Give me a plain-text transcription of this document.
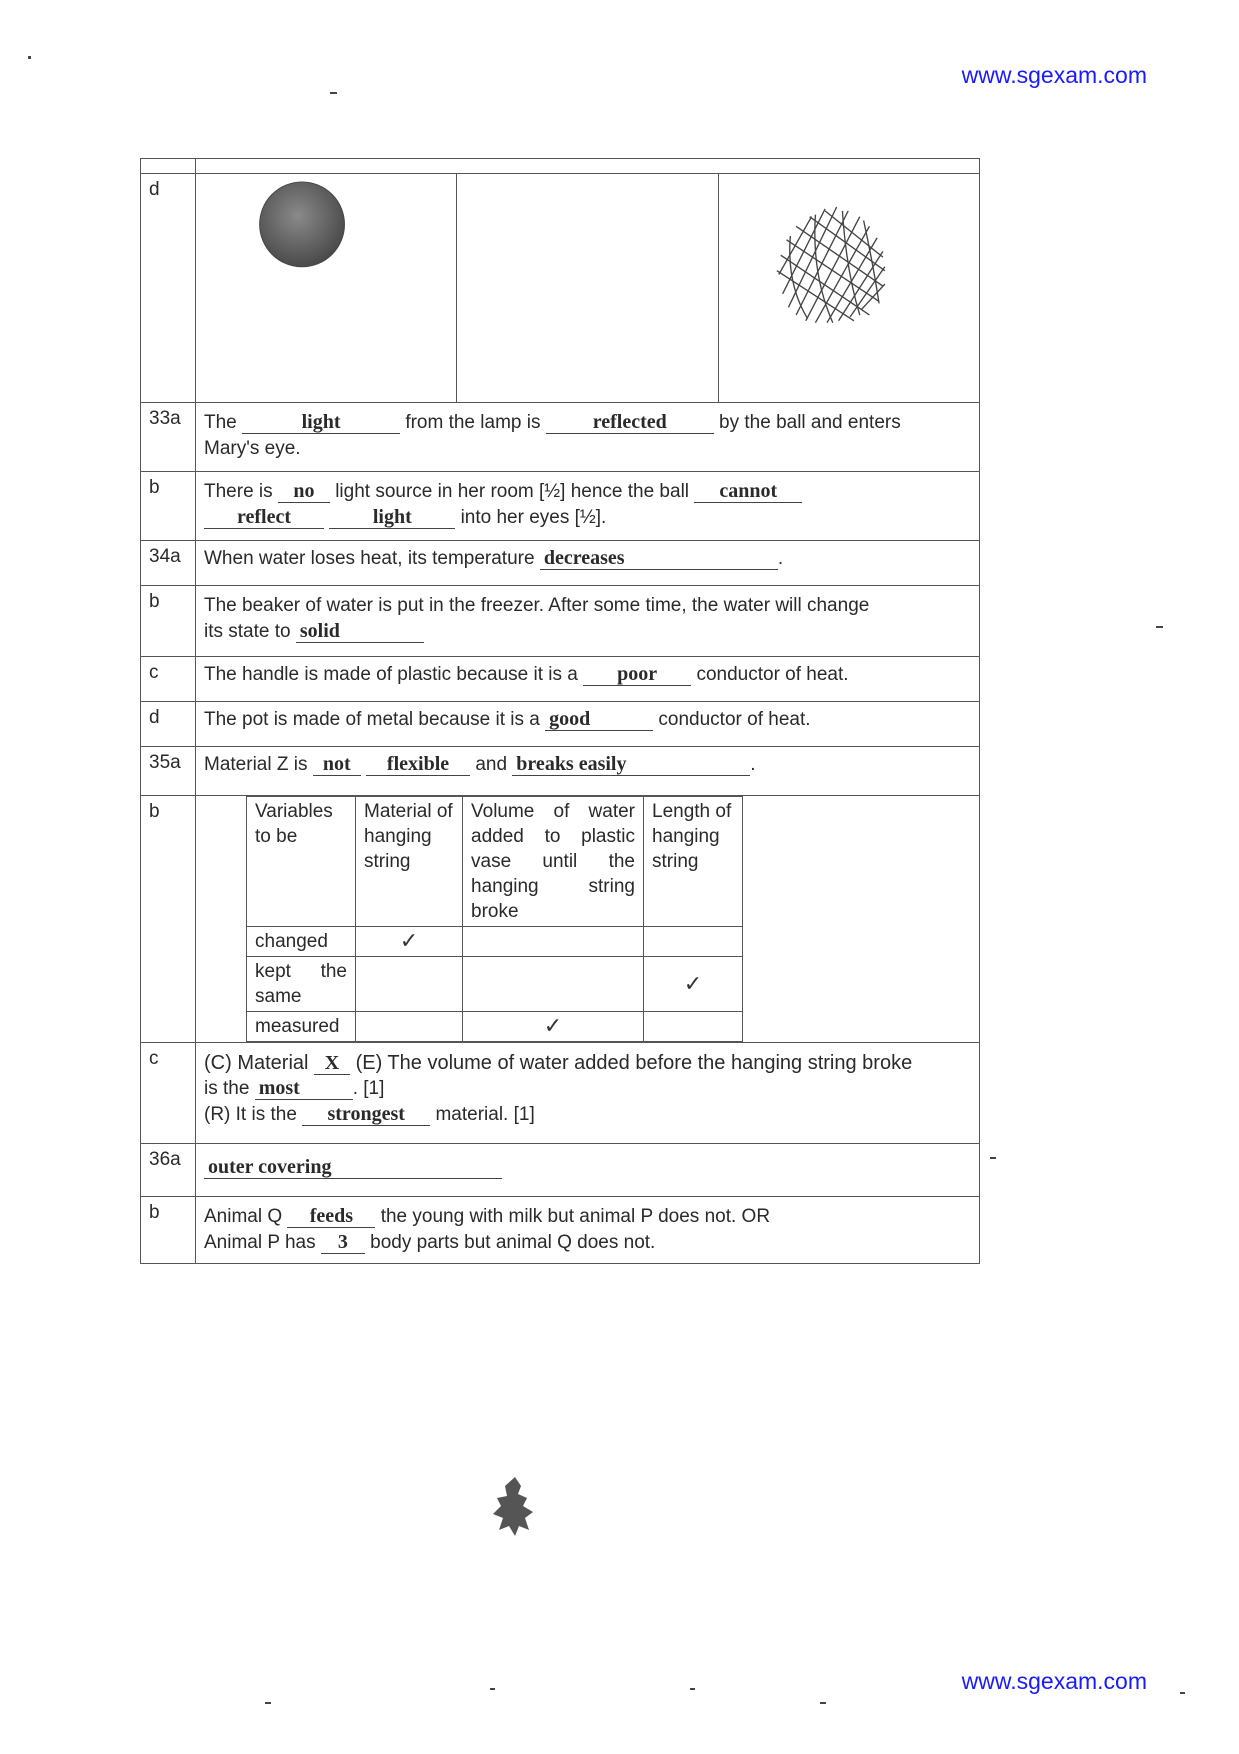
www.sgexam.com

d	

33a	The	light	from the lamp is	reflected	by the ball and enters
Mary's eye.

b	There is no light source in her room [½] hence the ball cannot
reflect	light	into her eyes [½].

34a	When water loses heat, its temperature decreases	.
b	The beaker of water is put in the freezer. After some time, the water will change
its state to solid

c	The handle is made of plastic because it is a poor conductor of heat.
d	The pot is made of metal because it is a good	conductor of heat.
35a	Material Z is not flexible and breaks easily	.
b		Variables to be	Material of hanging string	Volume of water added to plastic vase until the hanging string broke	Length of hanging string
changed	✓		
kept the same			✓
measured		✓	

c	(C) Material X (E) The volume of water added before the hanging string broke
is the most	. [1]
(R) It is the strongest material. [1]

36a	outer covering
b	Animal Q feeds the young with milk but animal P does not. OR
Animal P has 3 body parts but animal Q does not.
www.sgexam.com
